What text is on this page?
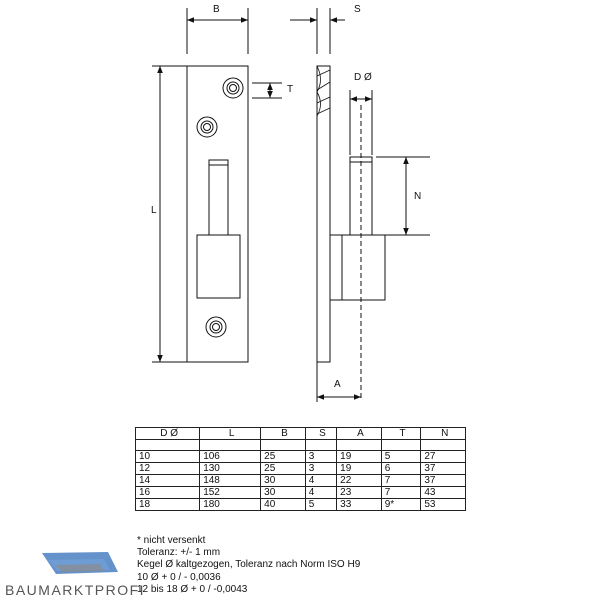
B	S
L
T
D Ø
N
A
D Ø	L	B	S	A	T	N

10	106	25	3	19	5	27
12	130	25	3	19	6	37
14	148	30	4	22	7	37
16	152	30	4	23	7	43
18	180	40	5	33	9*	53
* nicht versenkt
Toleranz: +/- 1 mm
Kegel Ø kaltgezogen, Toleranz nach Norm ISO H9
10 Ø + 0 / - 0,0036
12 bis 18 Ø + 0 / -0,0043
BAUMARKTPROFI
